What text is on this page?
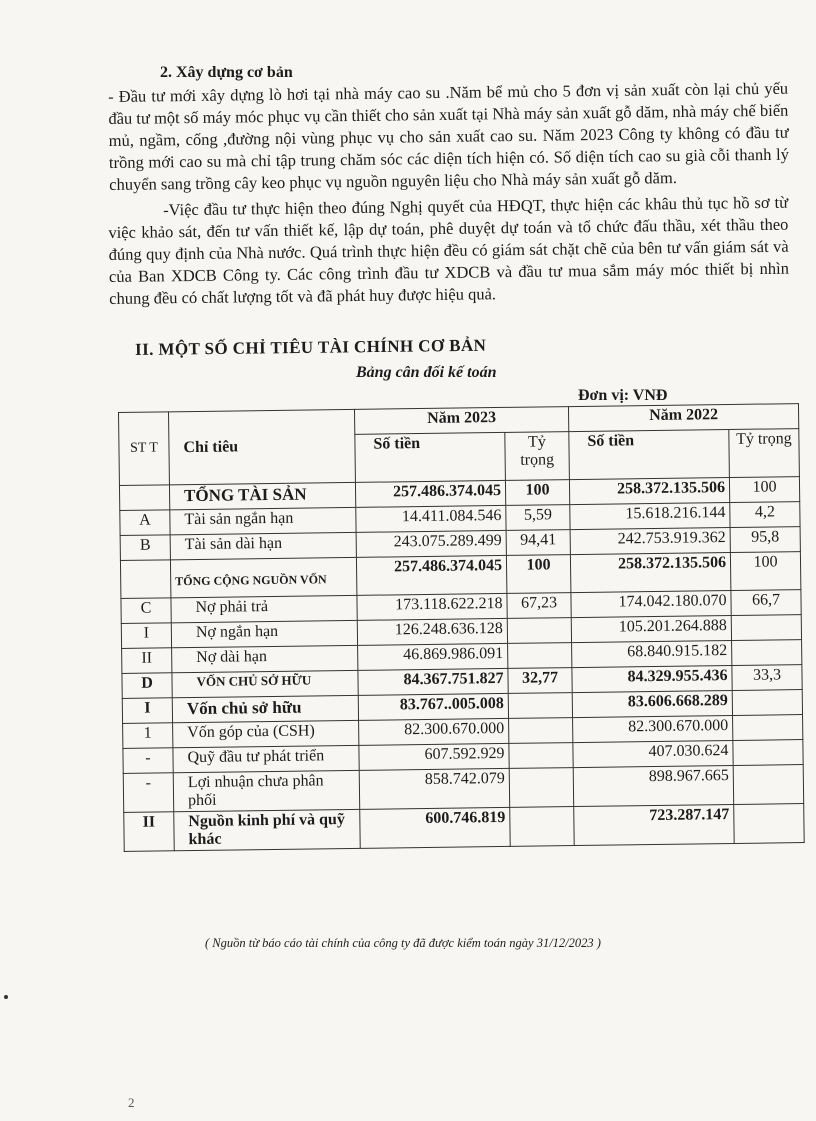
2. Xây dựng cơ bản
- Đầu tư mới xây dựng lò hơi tại nhà máy cao su .Năm bể mủ cho 5 đơn vị sản xuất còn lại chủ yếu đầu tư một số máy móc phục vụ cần thiết cho sản xuất tại Nhà máy sản xuất gỗ dăm, nhà máy chế biến mủ, ngầm, cống ,đường nội vùng phục vụ cho sản xuất cao su. Năm 2023 Công ty không có đầu tư trồng mới cao su mà chỉ tập trung chăm sóc các diện tích hiện có. Số diện tích cao su già cỗi thanh lý chuyển sang trồng cây keo phục vụ nguồn nguyên liệu cho Nhà máy sản xuất gỗ dăm.
-Việc đầu tư thực hiện theo đúng Nghị quyết của HĐQT, thực hiện các khâu thủ tục hồ sơ từ việc khảo sát, đến tư vấn thiết kế, lập dự toán, phê duyệt dự toán và tổ chức đấu thầu, xét thầu theo đúng quy định của Nhà nước. Quá trình thực hiện đều có giám sát chặt chẽ của bên tư vấn giám sát và của Ban XDCB Công ty. Các công trình đầu tư XDCB và đầu tư mua sắm máy móc thiết bị nhìn chung đều có chất lượng tốt và đã phát huy được hiệu quả.
II. MỘT SỐ CHỈ TIÊU TÀI CHÍNH CƠ BẢN
Bảng cân đối kế toán
Đơn vị: VNĐ
ST T	Chỉ tiêu	Năm 2023		Năm 2022	
		Số tiền	Tỷ trọng	Số tiền	Tỷ trọng
	TỔNG TÀI SẢN	257.486.374.045	100	258.372.135.506	100
A	Tài sản ngắn hạn	14.411.084.546	5,59	15.618.216.144	4,2
B	Tài sản dài hạn	243.075.289.499	94,41	242.753.919.362	95,8
	TỔNG CỘNG NGUỒN VỐN	257.486.374.045	100	258.372.135.506	100
C	Nợ phải trả	173.118.622.218	67,23	174.042.180.070	66,7
I	Nợ ngắn hạn	126.248.636.128		105.201.264.888	
II	Nợ dài hạn	46.869.986.091		68.840.915.182	
D	VỐN CHỦ SỞ HỮU	84.367.751.827	32,77	84.329.955.436	33,3
I	Vốn chủ sở hữu	83.767..005.008		83.606.668.289	
1	Vốn góp của (CSH)	82.300.670.000		82.300.670.000	
-	Quỹ đầu tư phát triển	607.592.929		407.030.624	
-	Lợi nhuận chưa phân phối	858.742.079		898.967.665	
II	Nguồn kinh phí và quỹ khác	600.746.819		723.287.147	
( Nguồn từ báo cáo tài chính của công ty đã được kiểm toán ngày 31/12/2023 )
2
